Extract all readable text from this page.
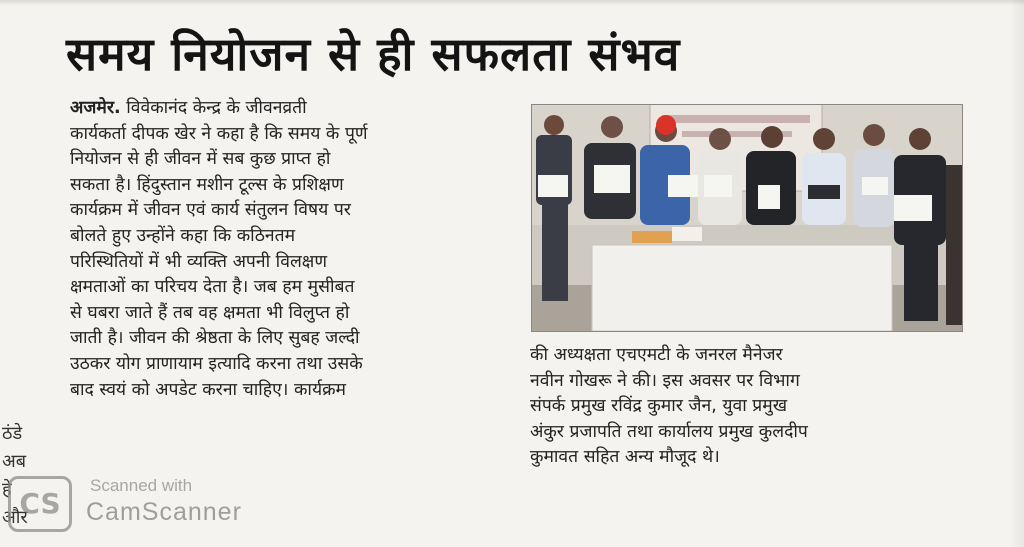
समय नियोजन से ही सफलता संभव
अजमेर. विवेकानंद केन्द्र के जीवनव्रती
कार्यकर्ता दीपक खेर ने कहा है कि समय के पूर्ण
नियोजन से ही जीवन में सब कुछ प्राप्त हो
सकता है। हिंदुस्तान मशीन टूल्स के प्रशिक्षण
कार्यक्रम में जीवन एवं कार्य संतुलन विषय पर
बोलते हुए उन्होंने कहा कि कठिनतम
परिस्थितियों में भी व्यक्ति अपनी विलक्षण
क्षमताओं का परिचय देता है। जब हम मुसीबत
से घबरा जाते हैं तब वह क्षमता भी विलुप्त हो
जाती है। जीवन की श्रेष्ठता के लिए सुबह जल्दी
उठकर योग प्राणायाम इत्यादि करना तथा उसके
बाद स्वयं को अपडेट करना चाहिए। कार्यक्रम
की अध्यक्षता एचएमटी के जनरल मैनेजर
नवीन गोखरू ने की। इस अवसर पर विभाग
संपर्क प्रमुख रविंद्र कुमार जैन, युवा प्रमुख
अंकुर प्रजापति तथा कार्यालय प्रमुख कुलदीप
कुमावत सहित अन्य मौजूद थे।
ठंडे
अब
हे
और
CS
Scanned with
CamScanner
